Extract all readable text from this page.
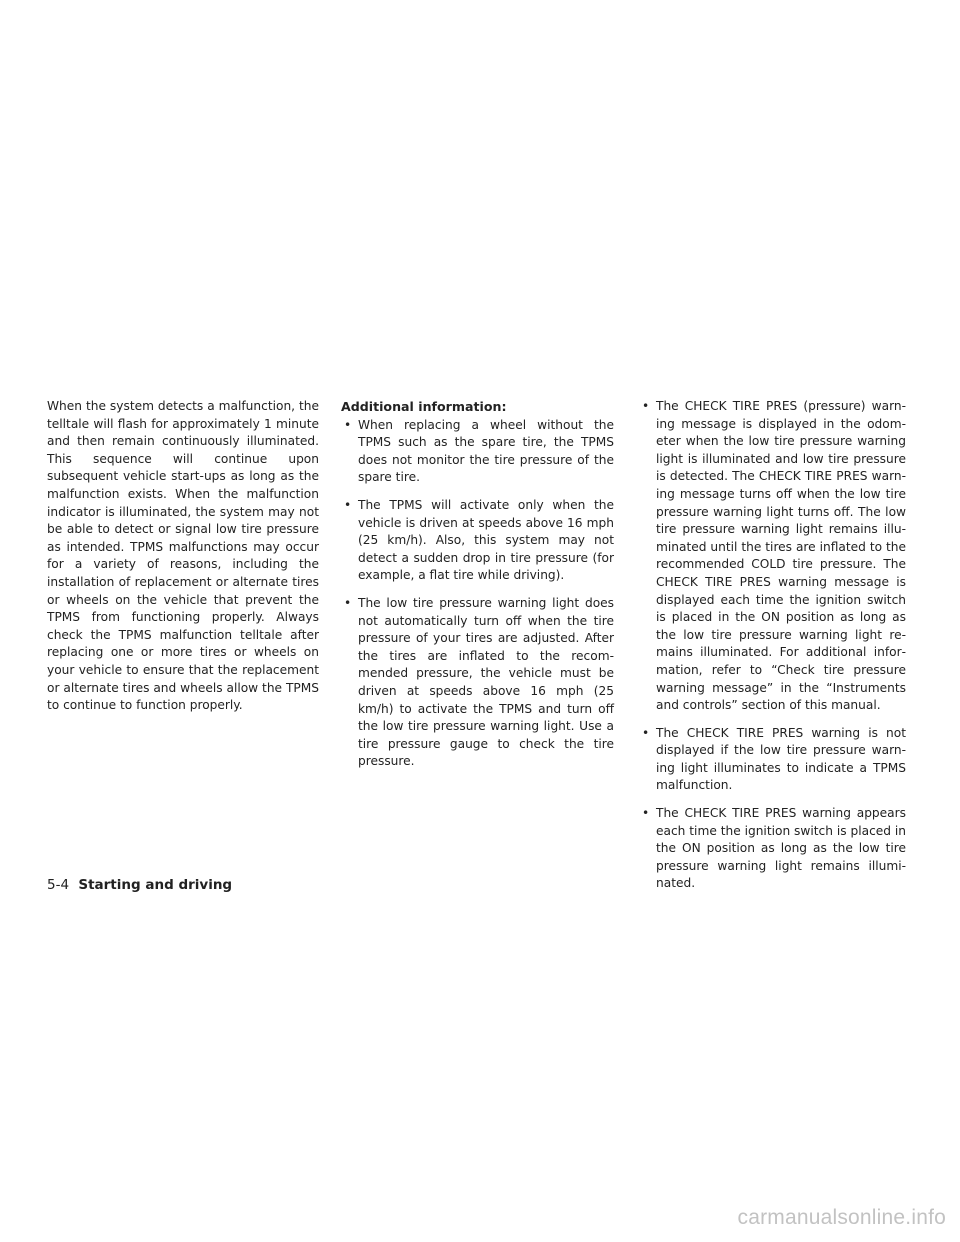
When the system detects a malfunction, the telltale will flash for approximately 1 minute and then remain continuously illuminated. This sequence will continue upon subsequent vehicle start-ups as long as the malfunction exists. When the malfunction indicator is illuminated, the system may not be able to detect or signal low tire pressure as intended. TPMS malfunctions may occur for a variety of reasons, including the installation of replacement or alternate tires or wheels on the vehicle that prevent the TPMS from functioning properly. Always check the TPMS malfunction telltale after replacing one or more tires or wheels on your vehicle to ensure that the replacement or alternate tires and wheels allow the TPMS to continue to function properly.

Additional information:
• When replacing a wheel without the TPMS such as the spare tire, the TPMS does not monitor the tire pressure of the spare tire.
• The TPMS will activate only when the vehicle is driven at speeds above 16 mph (25 km/h). Also, this system may not detect a sudden drop in tire pressure (for example, a flat tire while driving).
• The low tire pressure warning light does not automatically turn off when the tire pressure of your tires are adjusted. After the tires are inflated to the recommended pressure, the vehicle must be driven at speeds above 16 mph (25 km/h) to activate the TPMS and turn off the low tire pressure warning light. Use a tire pressure gauge to check the tire pressure.
• The CHECK TIRE PRES (pressure) warning message is displayed in the odometer when the low tire pressure warning light is illuminated and low tire pressure is detected. The CHECK TIRE PRES warning message turns off when the low tire pressure warning light turns off. The low tire pressure warning light remains illuminated until the tires are inflated to the recommended COLD tire pressure. The CHECK TIRE PRES warning message is displayed each time the ignition switch is placed in the ON position as long as the low tire pressure warning light remains illuminated. For additional information, refer to “Check tire pressure warning message” in the “Instruments and controls” section of this manual.
• The CHECK TIRE PRES warning is not displayed if the low tire pressure warning light illuminates to indicate a TPMS malfunction.
• The CHECK TIRE PRES warning appears each time the ignition switch is placed in the ON position as long as the low tire pressure warning light remains illuminated.
5-4 Starting and driving
carmanualsonline.info
